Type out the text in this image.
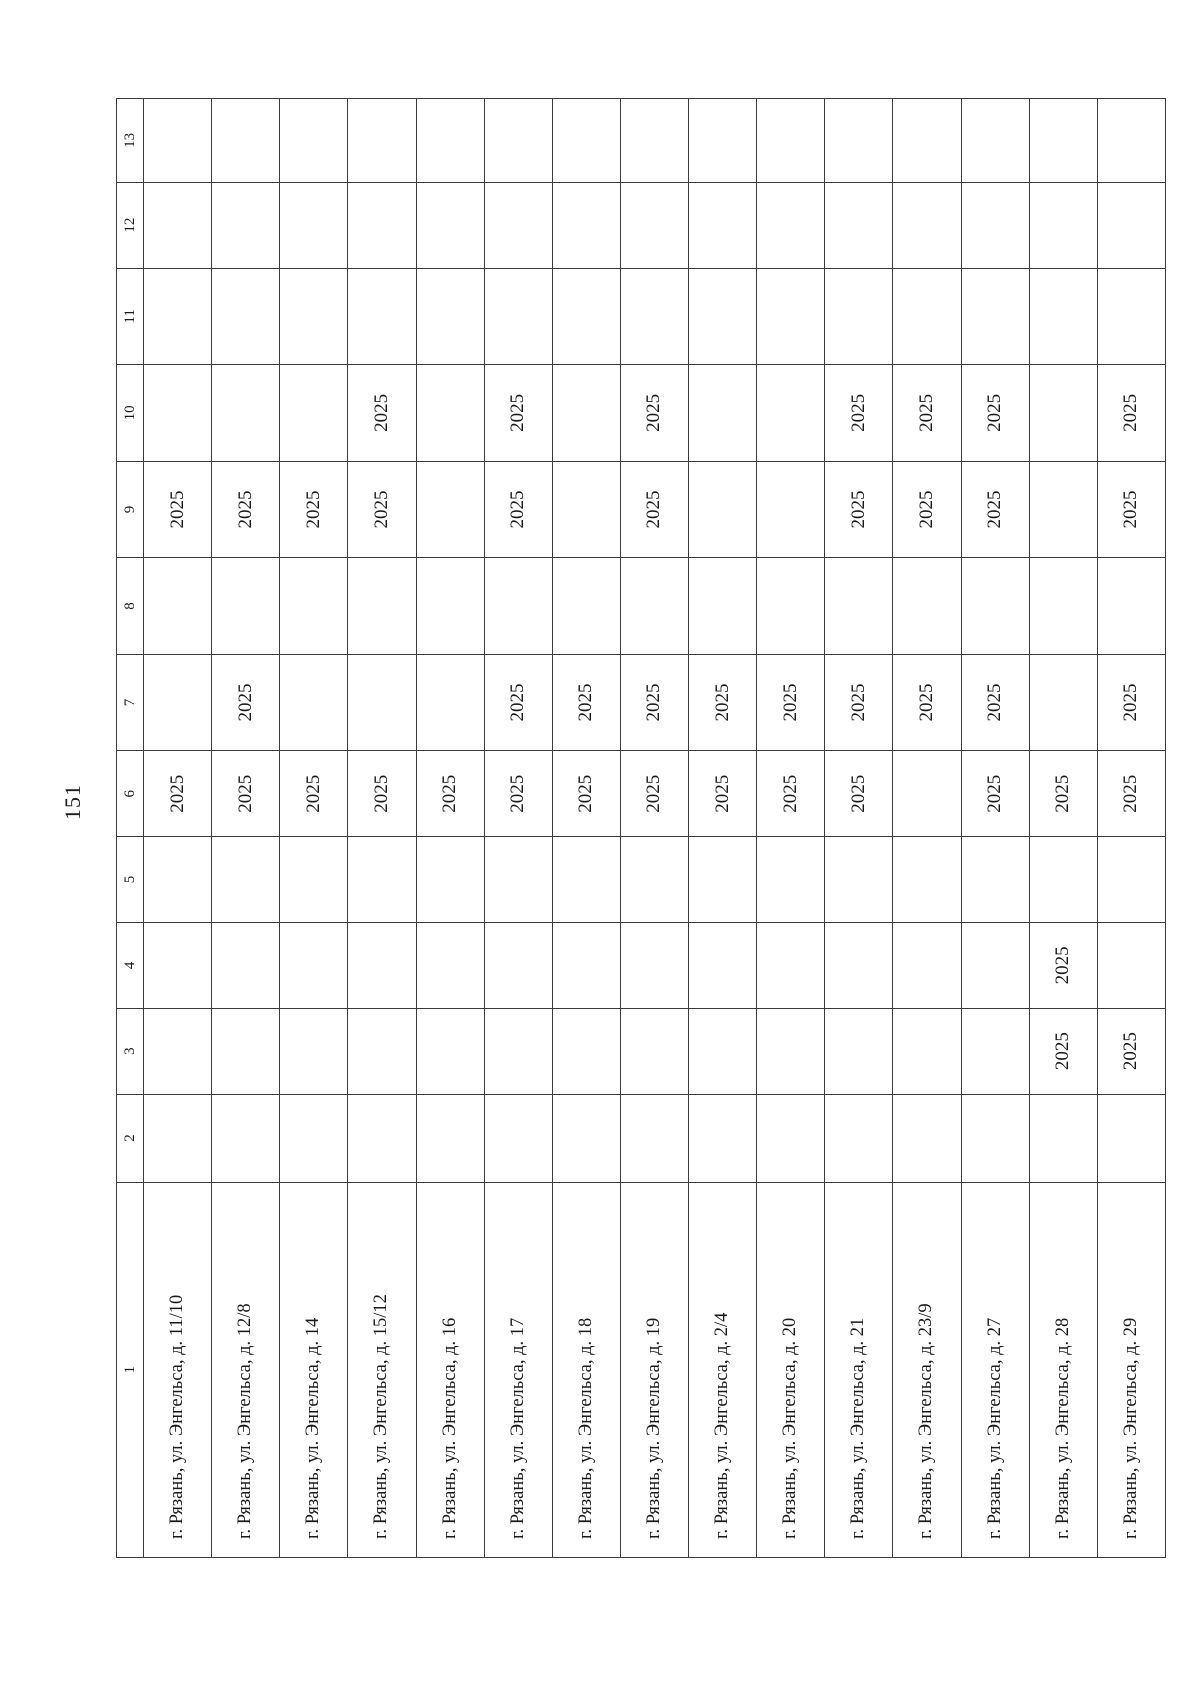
151
1	2	3	4	5	6	7	8	9	10	11	12	13
г. Рязань, ул. Энгельса, д. 11/10					2025			2025				
г. Рязань, ул. Энгельса, д. 12/8					2025	2025		2025				
г. Рязань, ул. Энгельса, д. 14					2025			2025				
г. Рязань, ул. Энгельса, д. 15/12					2025			2025	2025			
г. Рязань, ул. Энгельса, д. 16					2025							
г. Рязань, ул. Энгельса, д. 17					2025	2025		2025	2025			
г. Рязань, ул. Энгельса, д. 18					2025	2025						
г. Рязань, ул. Энгельса, д. 19					2025	2025		2025	2025			
г. Рязань, ул. Энгельса, д. 2/4					2025	2025						
г. Рязань, ул. Энгельса, д. 20					2025	2025						
г. Рязань, ул. Энгельса, д. 21					2025	2025		2025	2025			
г. Рязань, ул. Энгельса, д. 23/9						2025		2025	2025			
г. Рязань, ул. Энгельса, д. 27					2025	2025		2025	2025			
г. Рязань, ул. Энгельса, д. 28		2025	2025		2025							
г. Рязань, ул. Энгельса, д. 29		2025			2025	2025		2025	2025			
